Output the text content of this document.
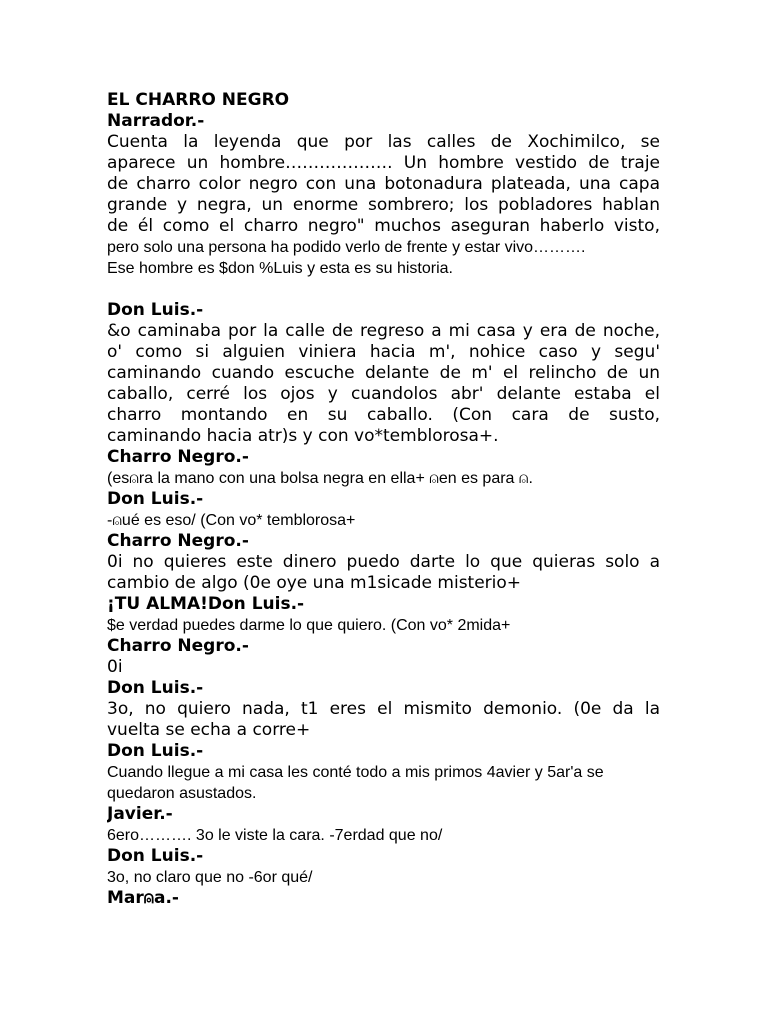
EL CHARRO NEGRO
Narrador.-
Cuenta la leyenda que por las calles de Xochimilco, se
aparece un hombre………………. Un hombre vestido de traje
de charro color negro con una botonadura plateada, una capa
grande y negra, un enorme sombrero; los pobladores hablan
de él como el charro negro" muchos aseguran haberlo visto,
pero solo una persona ha podido verlo de frente y estar vivo……….
Ese hombre es $don %Luis y esta es su historia.
Don Luis.-
&o caminaba por la calle de regreso a mi casa y era de noche,
o' como si alguien viniera hacia m', nohice caso y segu'
caminando cuando escuche delante de m' el relincho de un
caballo, cerré los ojos y cuandolos abr' delante estaba el
charro montando en su caballo. (Con cara de susto,
caminando hacia atr)s y con vo*temblorosa+.
Charro Negro.-
(es⍝ra la mano con una bolsa negra en ella+ ⍝en es para ⍝.
Don Luis.-
-⍝ué es eso/ (Con vo* temblorosa+
Charro Negro.-
0i no quieres este dinero puedo darte lo que quieras solo a
cambio de algo (0e oye una m1sicade misterio+
¡TU ALMA!Don Luis.-
$e verdad puedes darme lo que quiero. (Con vo* 2mida+
Charro Negro.-
0i
Don Luis.-
3o, no quiero nada, t1 eres el mismito demonio. (0e da la
vuelta se echa a corre+
Don Luis.-
Cuando llegue a mi casa les conté todo a mis primos 4avier y 5ar'a se
quedaron asustados.
Javier.-
6ero………. 3o le viste la cara. -7erdad que no/
Don Luis.-
3o, no claro que no -6or qué/
Mar⍝a.-
